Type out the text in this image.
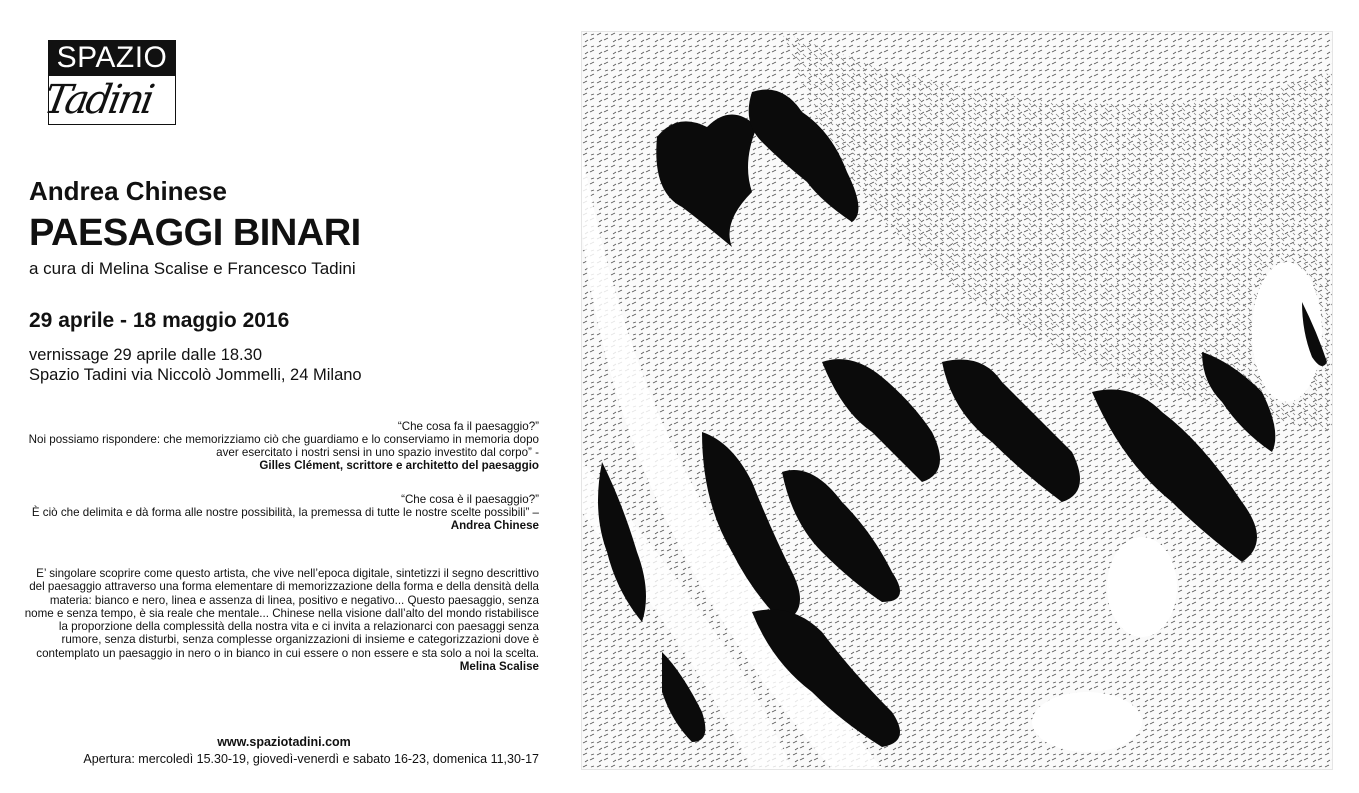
SPAZIO
Tadini
Andrea Chinese
PAESAGGI BINARI
a cura di Melina Scalise e Francesco Tadini
29 aprile - 18 maggio 2016
vernissage 29 aprile dalle 18.30
Spazio Tadini via Niccolò Jommelli, 24 Milano
“Che cosa fa il paesaggio?”
Noi possiamo rispondere: che memorizziamo ciò che guardiamo e lo conserviamo in memoria dopo aver esercitato i nostri sensi in uno spazio investito dal corpo” -
Gilles Clément, scrittore e architetto del paesaggio
“Che cosa è il paesaggio?”
È ciò che delimita e dà forma alle nostre possibilità, la premessa di tutte le nostre scelte possibili” –
Andrea Chinese
E’ singolare scoprire come questo artista, che vive nell’epoca digitale, sintetizzi il segno descrittivo del paesaggio attraverso una forma elementare di memorizzazione della forma e della densità della materia: bianco e nero, linea e assenza di linea, positivo e negativo... Questo paesaggio, senza nome e senza tempo, è sia reale che mentale... Chinese nella visione dall’alto del mondo ristabilisce la proporzione della complessità della nostra vita e ci invita a relazionarci con paesaggi senza rumore, senza disturbi, senza complesse organizzazioni di insieme e categorizzazioni dove è contemplato un paesaggio in nero o in bianco in cui essere o non essere e sta solo a noi la scelta.
Melina Scalise
www.spaziotadini.com
Apertura: mercoledì 15.30-19, giovedì-venerdì e sabato 16-23, domenica 11,30-17
